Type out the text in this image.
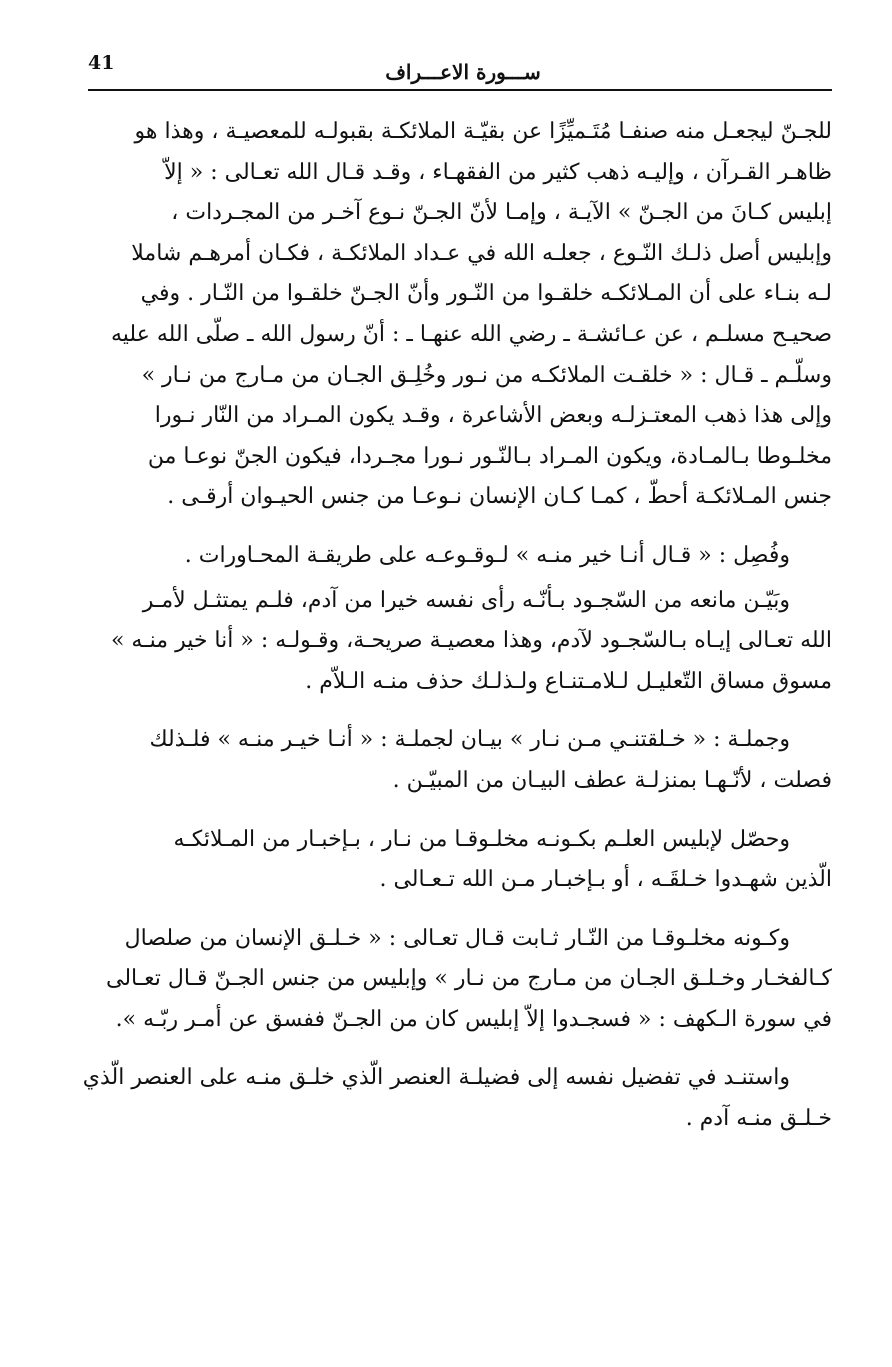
41	ســـورة الاعـــراف

للجـنّ ليجعـل منه صنفـا مُتَـميِّزًا عن بقيّـة الملائكـة بقبولـه للمعصيـة ، وهذا هو
ظاهـر القـرآن ، وإليـه ذهب كثير من الفقهـاء ، وقـد قـال الله تعـالى : « إلاّ
إبليس كـانَ من الجـنّ » الآيـة ، وإمـا لأنّ الجـنّ نـوع آخـر من المجـردات ،
وإبليس أصل ذلـك النّـوع ، جعلـه الله في عـداد الملائكـة ، فكـان أمرهـم شاملا
لـه بنـاء على أن المـلائكـه خلقـوا من النّـور وأنّ الجـنّ خلقـوا من النّـار . وفي
صحيـح مسلـم ، عن عـائشـة ـ رضي الله عنهـا ـ : أنّ رسول الله ـ صلّى الله عليه
وسلّـم ـ قـال : « خلقـت الملائكـه من نـور وخُلِـق الجـان من مـارج من نـار »
وإلى هذا ذهب المعتـزلـه وبعض الأشاعرة ، وقـد يكون المـراد من النّار نـورا
مخلـوطا بـالمـادة، ويكون المـراد بـالنّـور نـورا مجـردا، فيكون الجنّ نوعـا من
جنس المـلائكـة أحطّ ، كمـا كـان الإنسان نـوعـا من جنس الحيـوان أرقـى .

وفُصِل : « قـال أنـا خير منـه » لـوقـوعـه على طريقـة المحـاورات .

وبَيّـن مانعه من السّجـود بـأنّـه رأى نفسه خيرا من آدم، فلـم يمتثـل لأمـر
الله تعـالى إيـاه بـالسّجـود لآدم، وهذا معصيـة صريحـة، وقـولـه : « أنا خير منـه »
مسوق مساق التّعليـل لـلامـتنـاع ولـذلـك حذف منـه الـلاّم .

وجملـة : « خـلقتنـي مـن نـار » بيـان لجملـة : « أنـا خيـر منـه » فلـذلك
فصلت ، لأنّـهـا بمنزلـة عطف البيـان من المبيّـن .

وحصّل لإبليس العلـم بكـونـه مخلـوقـا من نـار ، بـإخبـار من المـلائكـه
الّذين شهـدوا خـلقَـه ، أو بـإخبـار مـن الله تـعـالى .

وكـونه مخلـوقـا من النّـار ثـابت قـال تعـالى : « خـلـق الإنسان من صلصال
كـالفخـار وخـلـق الجـان من مـارج من نـار » وإبليس من جنس الجـنّ قـال تعـالى
في سورة الـكهف : « فسجـدوا إلاّ إبليس كان من الجـنّ ففسق عن أمـر ربّـه ».

واستنـد في تفضيل نفسه إلى فضيلـة العنصر الّذي خلـق منـه على العنصر الّذي
خـلـق منـه آدم .
